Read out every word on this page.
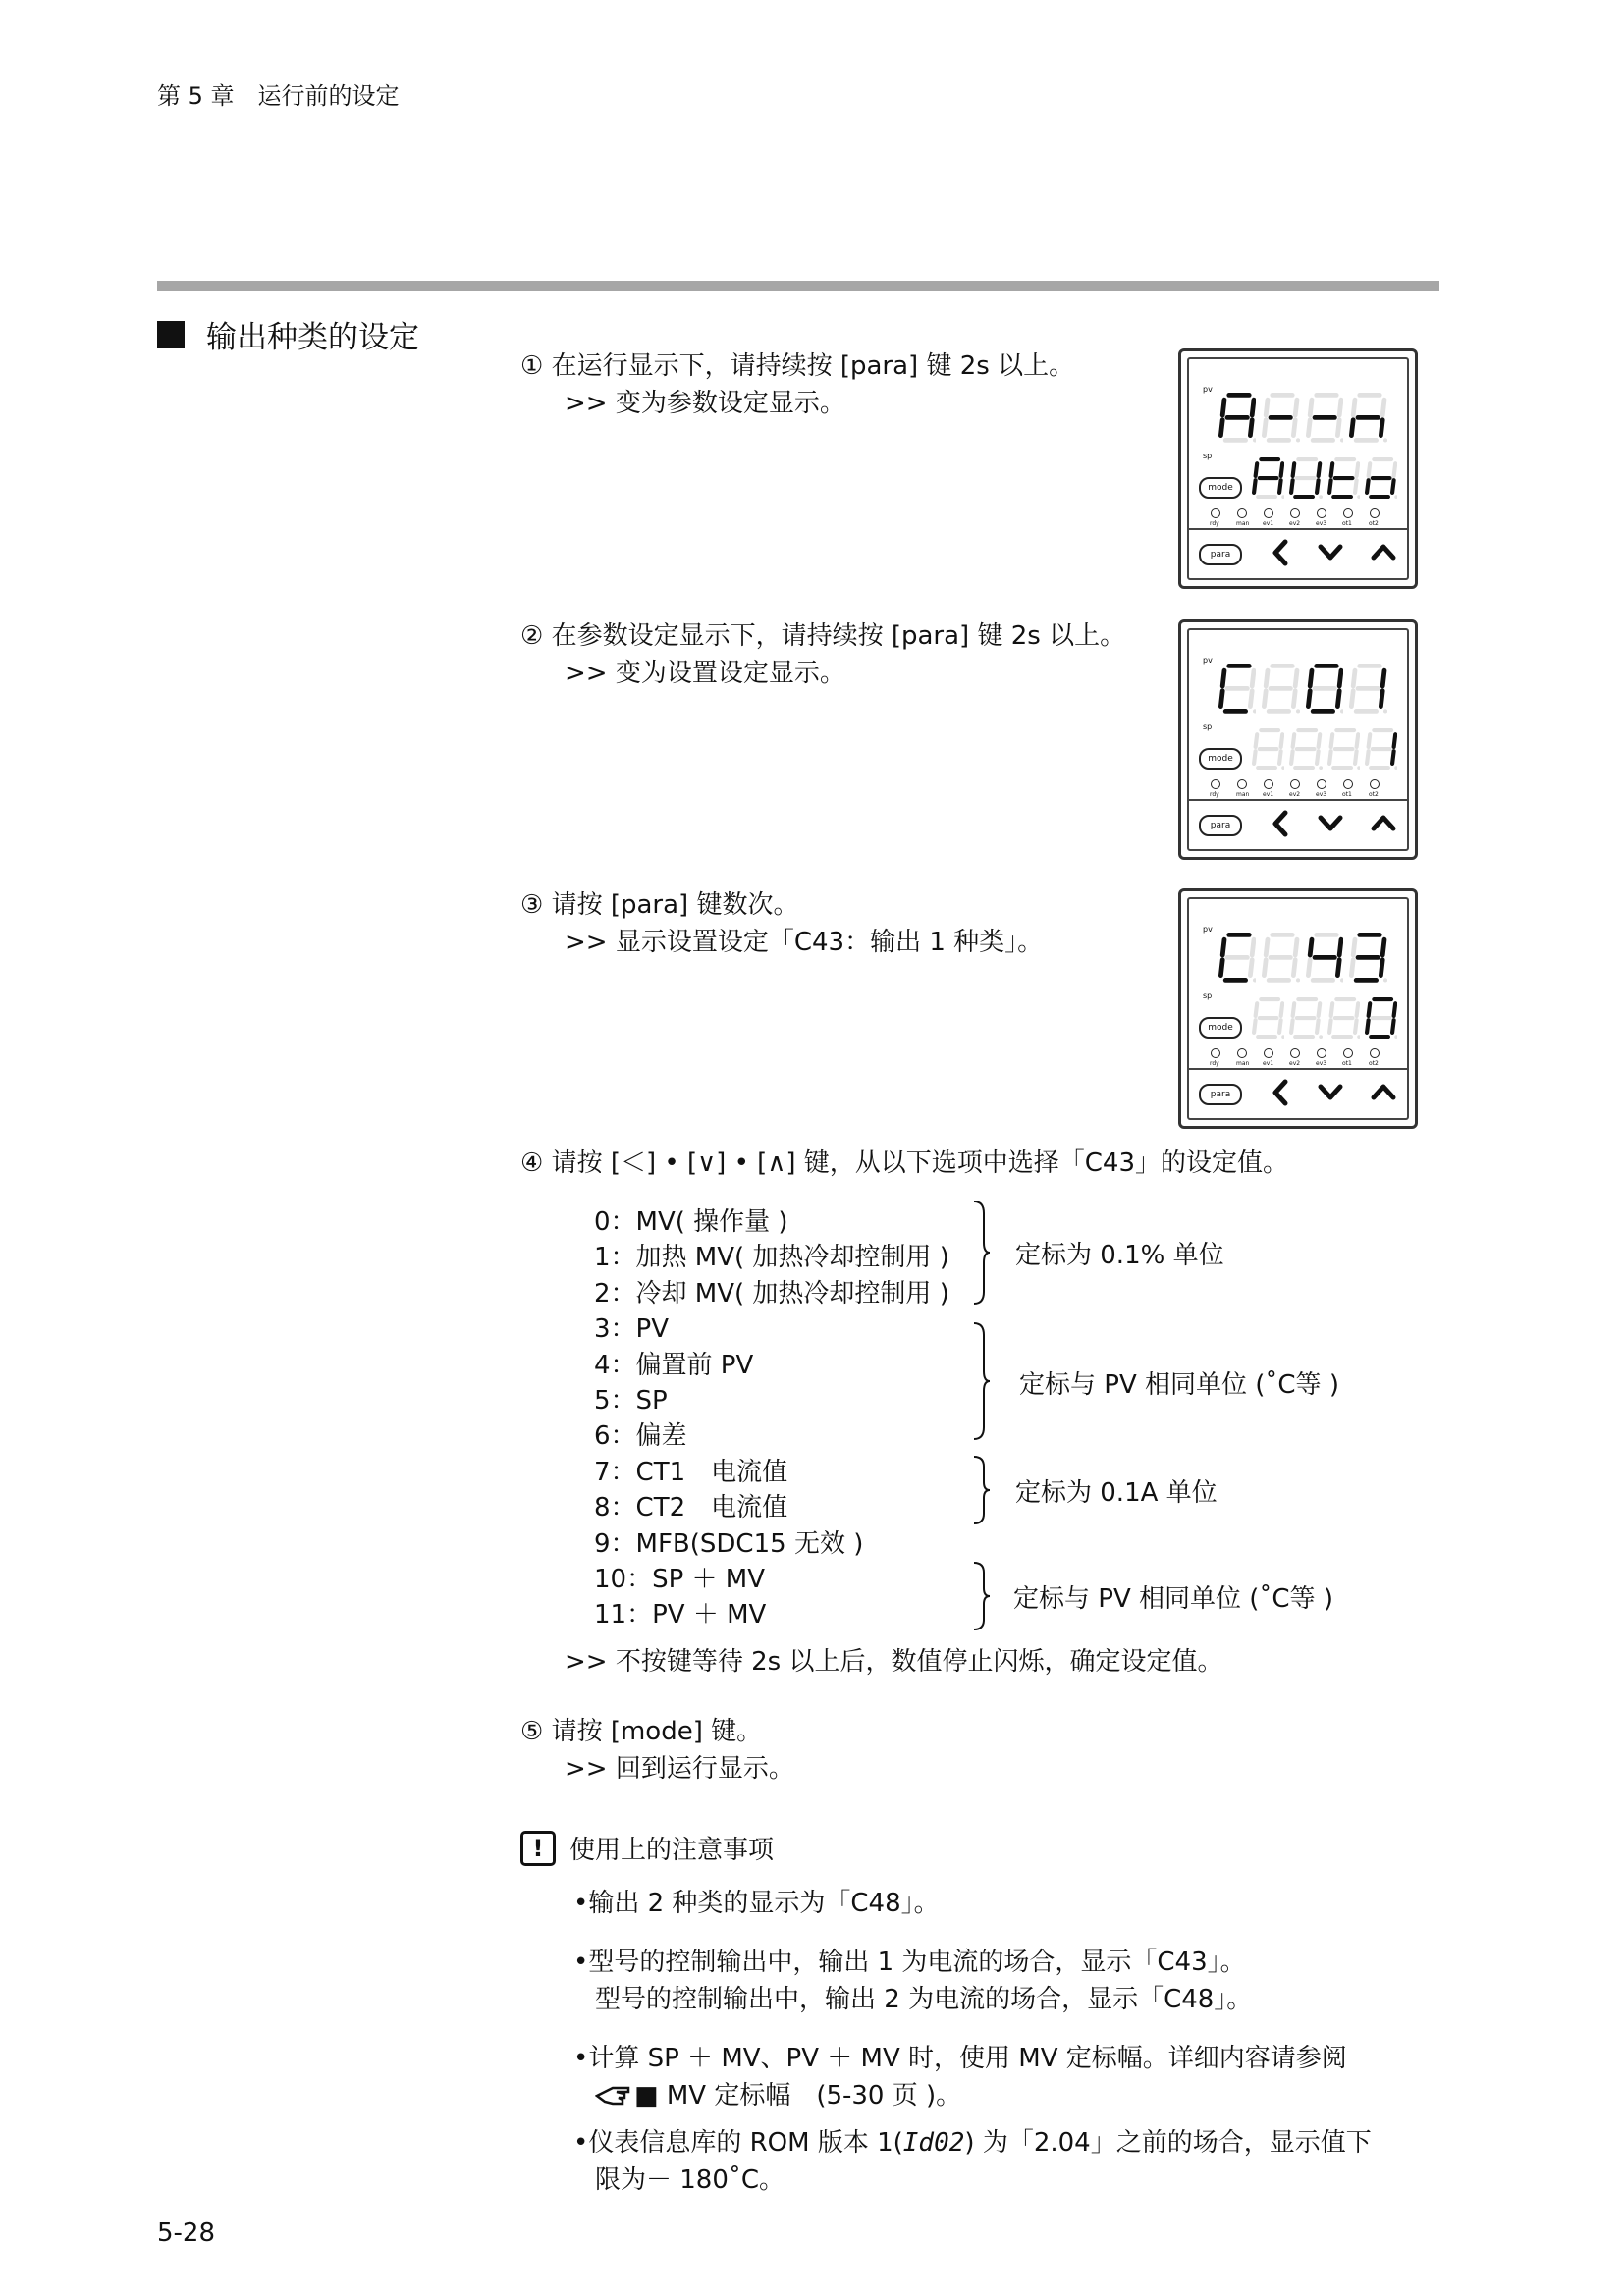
第 5 章　运行前的设定
输出种类的设定
① 在运行显示下，请持续按 [para] 键 2s 以上。
>> 变为参数设定显示。
② 在参数设定显示下，请持续按 [para] 键 2s 以上。
>> 变为设置设定显示。
③ 请按 [para] 键数次。
>> 显示设置设定「C43：输出 1 种类」。
④ 请按 [＜] • [∨] • [∧] 键，从以下选项中选择「C43」的设定值。
0：MV( 操作量 )
1：加热 MV( 加热冷却控制用 )
2：冷却 MV( 加热冷却控制用 )
3：PV
4：偏置前 PV
5：SP
6：偏差
7：CT1　电流值
8：CT2　电流值
9：MFB(SDC15 无效 )
10：SP ＋ MV
11：PV ＋ MV
定标为 0.1% 单位
定标与 PV 相同单位 (˚C等 )
定标为 0.1A 单位
定标与 PV 相同单位 (˚C等 )
>> 不按键等待 2s 以上后，数值停止闪烁，确定设定值。
⑤ 请按 [mode] 键。
>> 回到运行显示。
!	使用上的注意事项
•输出 2 种类的显示为「C48」。
•型号的控制输出中，输出 1 为电流的场合，显示「C43」。
型号的控制输出中，输出 2 为电流的场合，显示「C48」。
•计算 SP ＋ MV、PV ＋ MV 时，使用 MV 定标幅。详细内容请参阅
■ MV 定标幅　(5-30 页 )。
•仪表信息库的 ROM 版本 1(Id02) 为「2.04」之前的场合，显示值下
限为－ 180˚C。
5-28
pv
sp
mode
rdy	man ev1	ev2	ev3	ot1	ot2
para
pv
sp
mode
rdy	man ev1	ev2	ev3	ot1	ot2
para
pv
sp
mode
rdy	man ev1	ev2	ev3	ot1	ot2
para
